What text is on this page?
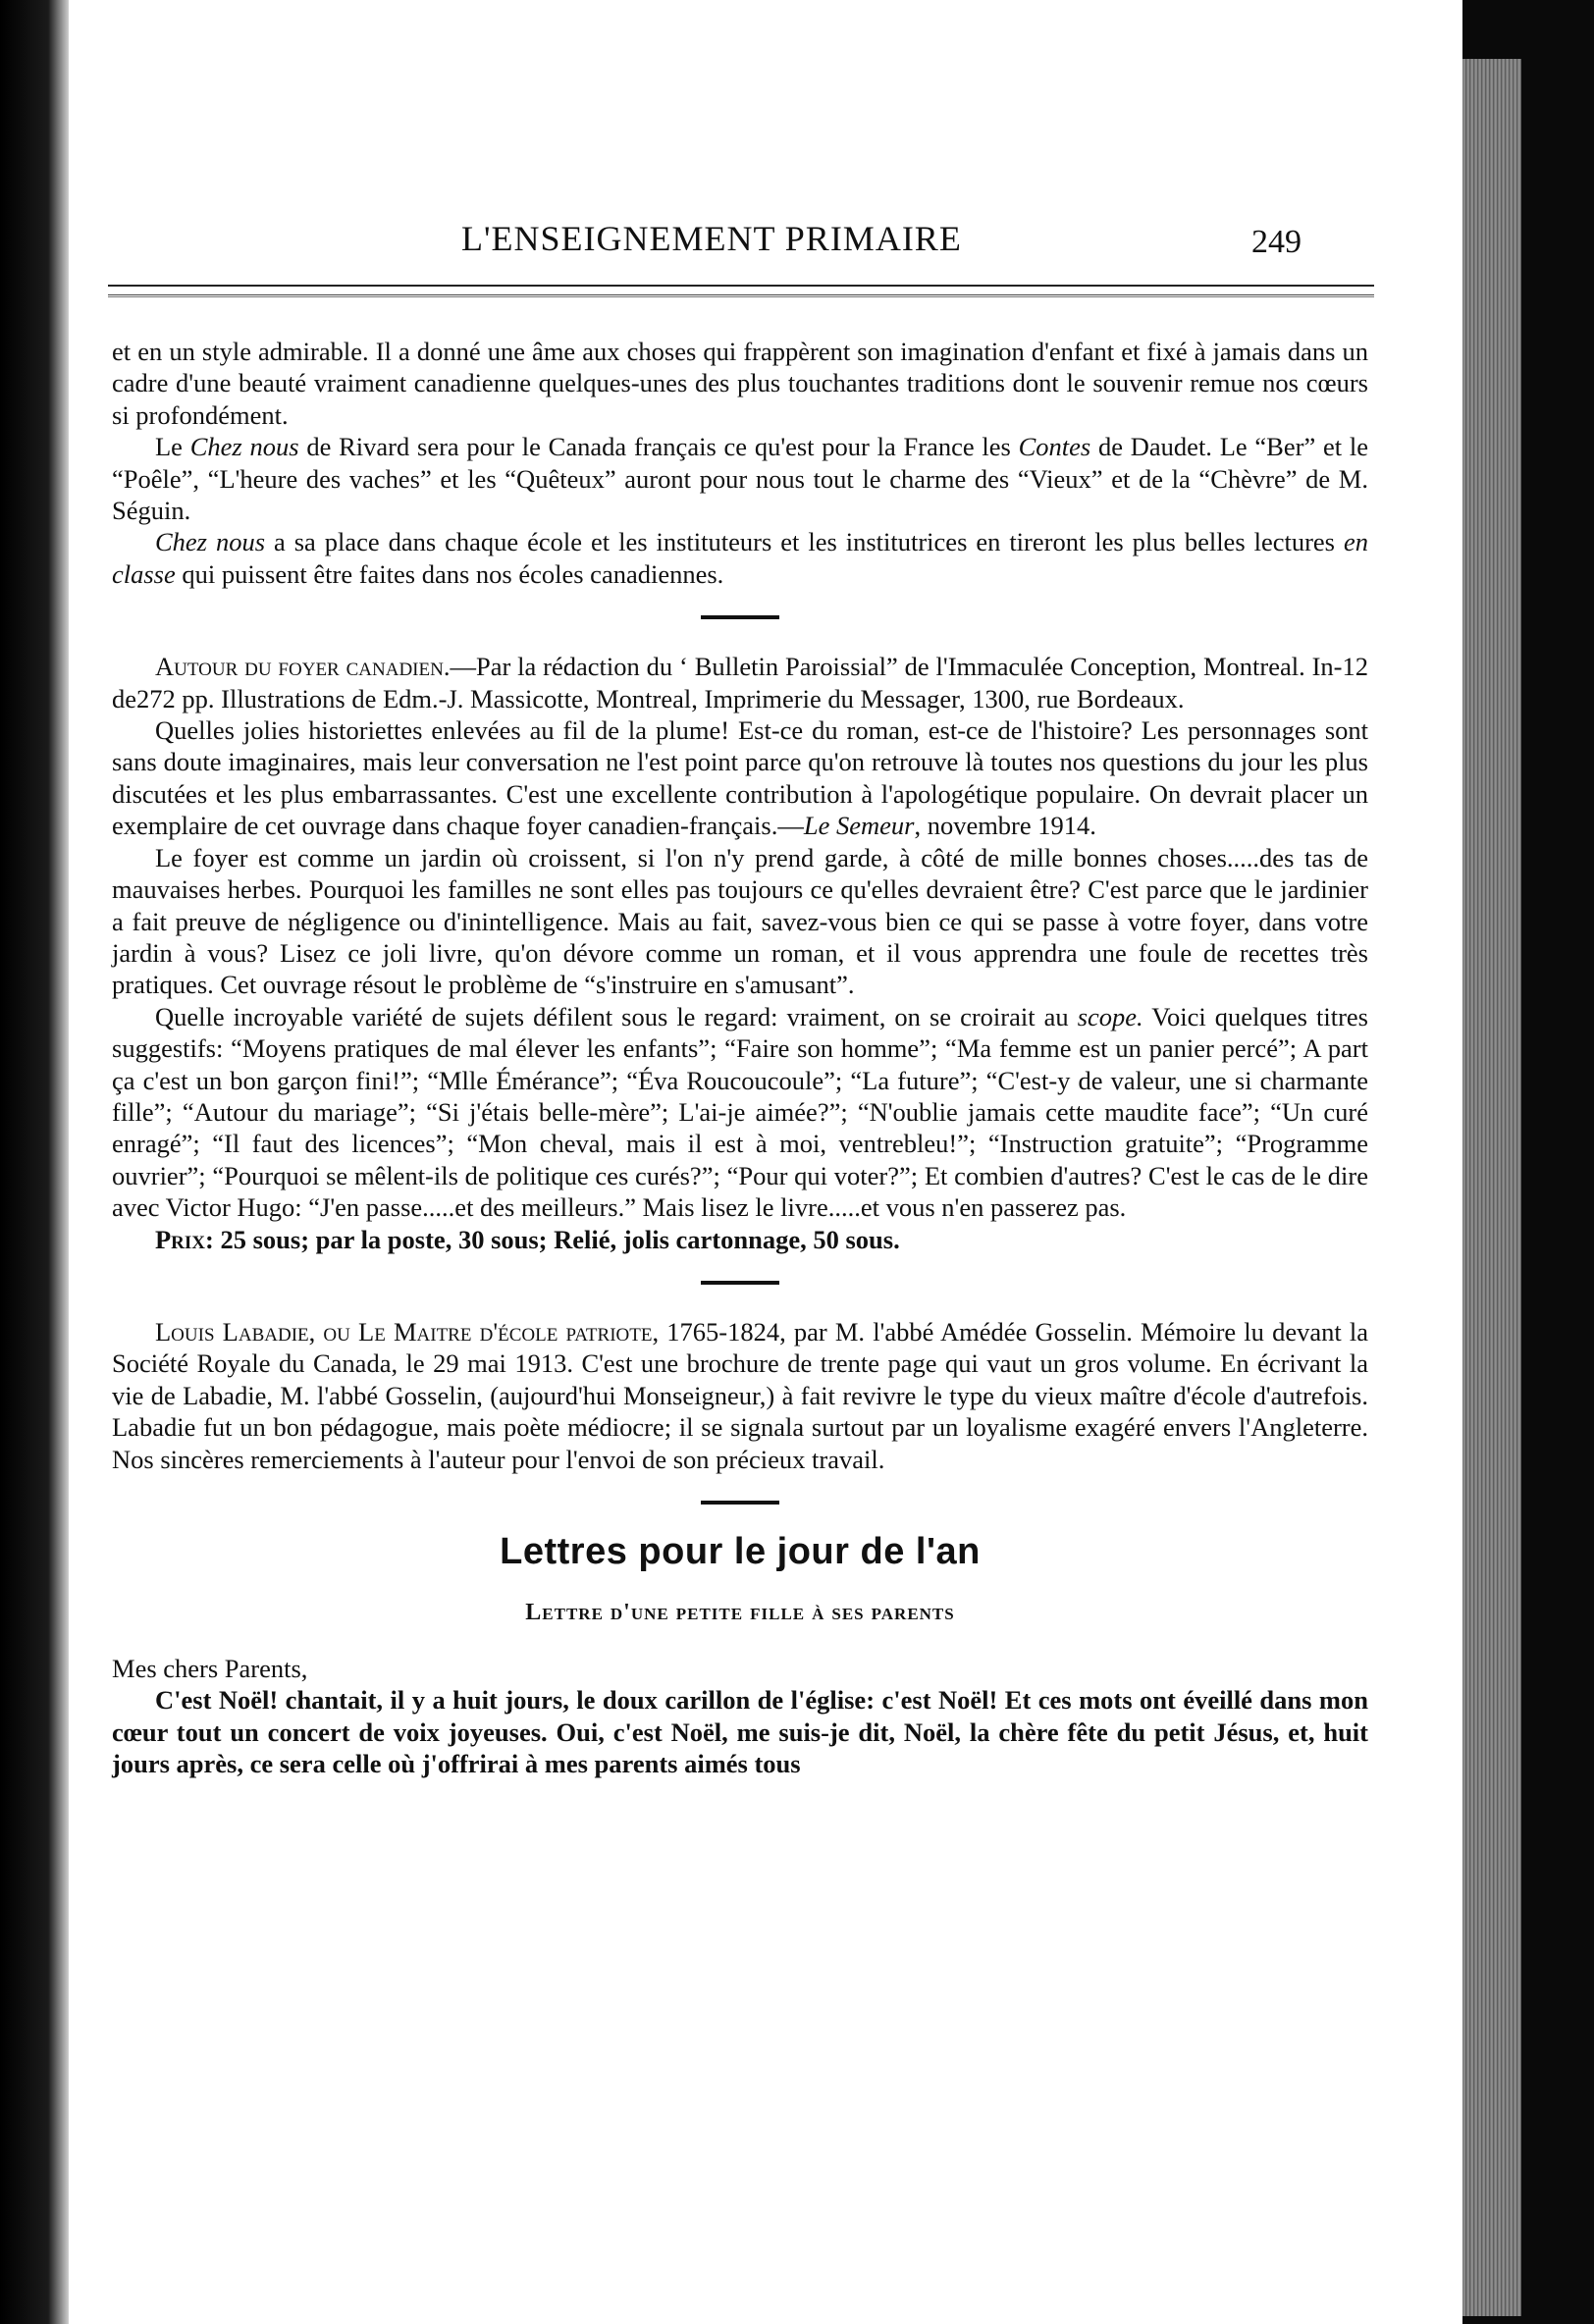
L'ENSEIGNEMENT PRIMAIRE	249

et en un style admirable. Il a donné une âme aux choses qui frappèrent son imagination d'enfant et fixé à jamais dans un cadre d'une beauté vraiment canadienne quelques-unes des plus touchantes traditions dont le souvenir remue nos cœurs si profondément.

Le Chez nous de Rivard sera pour le Canada français ce qu'est pour la France les Contes de Daudet. Le “Ber” et le “Poêle”, “L'heure des vaches” et les “Quêteux” auront pour nous tout le charme des “Vieux” et de la “Chèvre” de M. Séguin.

Chez nous a sa place dans chaque école et les instituteurs et les institutrices en tireront les plus belles lectures en classe qui puissent être faites dans nos écoles canadiennes.

Autour du foyer canadien.—Par la rédaction du ‘ Bulletin Paroissial” de l'Immaculée Conception, Montreal. In-12 de272 pp. Illustrations de Edm.-J. Massicotte, Montreal, Imprimerie du Messager, 1300, rue Bordeaux.

Quelles jolies historiettes enlevées au fil de la plume! Est-ce du roman, est-ce de l'histoire? Les personnages sont sans doute imaginaires, mais leur conversation ne l'est point parce qu'on retrouve là toutes nos questions du jour les plus discutées et les plus embarrassantes. C'est une excellente contribution à l'apologétique populaire. On devrait placer un exemplaire de cet ouvrage dans chaque foyer canadien-français.—Le Semeur, novembre 1914.

Le foyer est comme un jardin où croissent, si l'on n'y prend garde, à côté de mille bonnes choses.....des tas de mauvaises herbes. Pourquoi les familles ne sont elles pas toujours ce qu'elles devraient être? C'est parce que le jardinier a fait preuve de négligence ou d'inintelligence. Mais au fait, savez-vous bien ce qui se passe à votre foyer, dans votre jardin à vous? Lisez ce joli livre, qu'on dévore comme un roman, et il vous apprendra une foule de recettes très pratiques. Cet ouvrage résout le problème de “s'instruire en s'amusant”.

Quelle incroyable variété de sujets défilent sous le regard: vraiment, on se croirait au scope. Voici quelques titres suggestifs: “Moyens pratiques de mal élever les enfants”; “Faire son homme”; “Ma femme est un panier percé”; A part ça c'est un bon garçon fini!”; “Mlle Émérance”; “Éva Roucoucoule”; “La future”; “C'est-y de valeur, une si charmante fille”; “Autour du mariage”; “Si j'étais belle-mère”; L'ai-je aimée?”; “N'oublie jamais cette maudite face”; “Un curé enragé”; “Il faut des licences”; “Mon cheval, mais il est à moi, ventrebleu!”; “Instruction gratuite”; “Programme ouvrier”; “Pourquoi se mêlent-ils de politique ces curés?”; “Pour qui voter?”; Et combien d'autres? C'est le cas de le dire avec Victor Hugo: “J'en passe.....et des meilleurs.” Mais lisez le livre.....et vous n'en passerez pas.

Prix: 25 sous; par la poste, 30 sous; Relié, jolis cartonnage, 50 sous.

Louis Labadie, ou Le Maitre d'école patriote, 1765-1824, par M. l'abbé Amédée Gosselin. Mémoire lu devant la Société Royale du Canada, le 29 mai 1913. C'est une brochure de trente page qui vaut un gros volume. En écrivant la vie de Labadie, M. l'abbé Gosselin, (aujourd'hui Monseigneur,) à fait revivre le type du vieux maître d'école d'autrefois. Labadie fut un bon pédagogue, mais poète médiocre; il se signala surtout par un loyalisme exagéré envers l'Angleterre. Nos sincères remerciements à l'auteur pour l'envoi de son précieux travail.

Lettres pour le jour de l'an
Lettre d'une petite fille à ses parents

Mes chers Parents,

C'est Noël! chantait, il y a huit jours, le doux carillon de l'église: c'est Noël! Et ces mots ont éveillé dans mon cœur tout un concert de voix joyeuses. Oui, c'est Noël, me suis-je dit, Noël, la chère fête du petit Jésus, et, huit jours après, ce sera celle où j'offrirai à mes parents aimés tous
